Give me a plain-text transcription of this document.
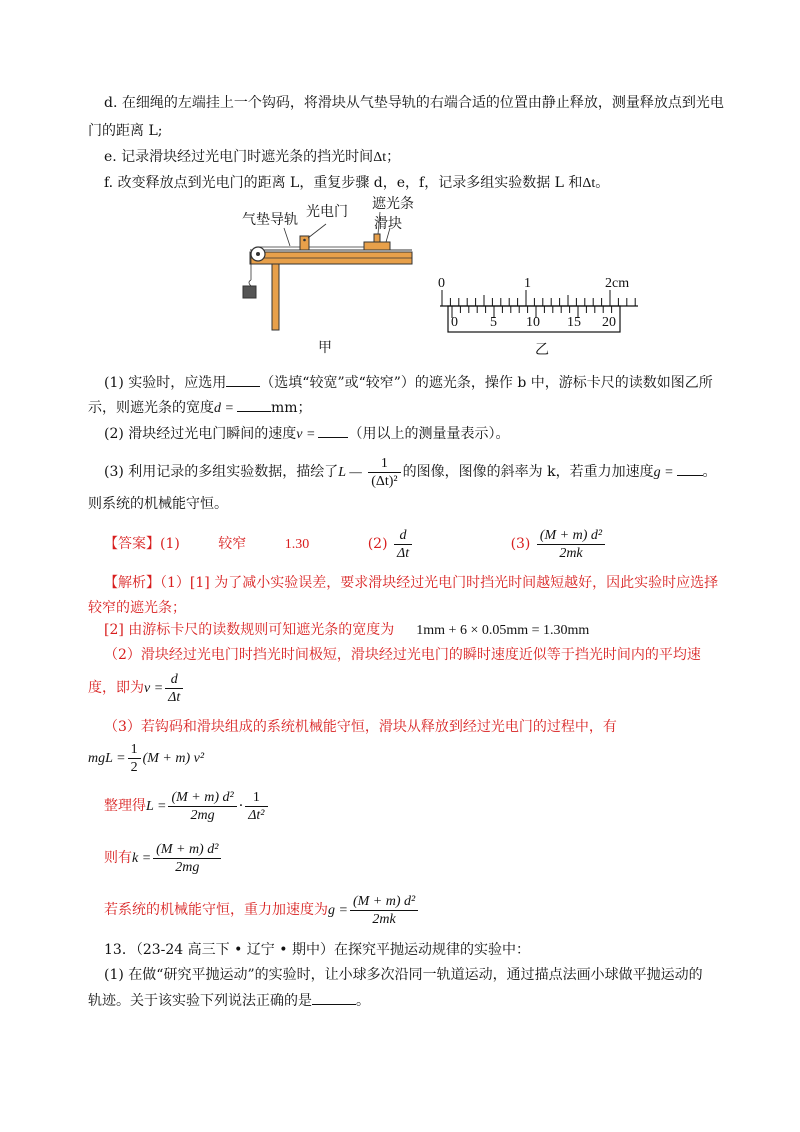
d. 在细绳的左端挂上一个钩码，将滑块从气垫导轨的右端合适的位置由静止释放，测量释放点到光电
门的距离 L;
e. 记录滑块经过光电门时遮光条的挡光时间Δt；
f. 改变释放点到光电门的距离 L，重复步骤 d，e，f，记录多组实验数据 L 和Δt。
气垫导轨 光电门 遮光条
滑块
甲
0	1	2cm
0 5 10 15 20
乙
(1) 实验时，应选用 （选填“较宽”或“较窄”）的遮光条，操作 b 中，游标卡尺的读数如图乙所
示，则遮光条的宽度d =	mm；
(2) 滑块经过光电门瞬间的速度v = （用以上的测量量表示）。
(3) 利用记录的多组实验数据，描绘了L — $\frac{1}{\text{(Δt)²}}$ 的图像，图像的斜率为 k，若重力加速度g = 。
则系统的机械能守恒。
【答案】(1)	较窄	1.30	$(2) \frac{d}{\Delta t}$	$(3) \frac{\text{(M + m) d²}}{2mk}$
【解析】（1）[1] 为了减小实验误差，要求滑块经过光电门时挡光时间越短越好，因此实验时应选择
较窄的遮光条；
[2] 由游标卡尺的读数规则可知遮光条的宽度为 1mm + 6 × 0.05mm = 1.30mm
（2）滑块经过光电门时挡光时间极短，滑块经过光电门的瞬时速度近似等于挡光时间内的平均速
度，即为$v = \frac{d}{\Delta t}$
（3）若钩码和滑块组成的系统机械能守恒，滑块从释放到经过光电门的过程中，有
mgL = $\frac{1}{2} (M + m)$ v²
整理得$L = \frac{\text{(M + m) d²}}{2mg} \cdot \frac{1}{\text{Δt²}}$
则有$k = \frac{\text{(M + m) d²}}{2mg}$
若系统的机械能守恒，重力加速度为$g = \frac{\text{(M + m) d²}}{2mk}$
13．（23-24 高三下 • 辽宁 • 期中）在探究平抛运动规律的实验中：
(1) 在做“研究平抛运动”的实验时，让小球多次沿同一轨道运动，通过描点法画小球做平抛运动的
轨迹。关于该实验下列说法正确的是	。
